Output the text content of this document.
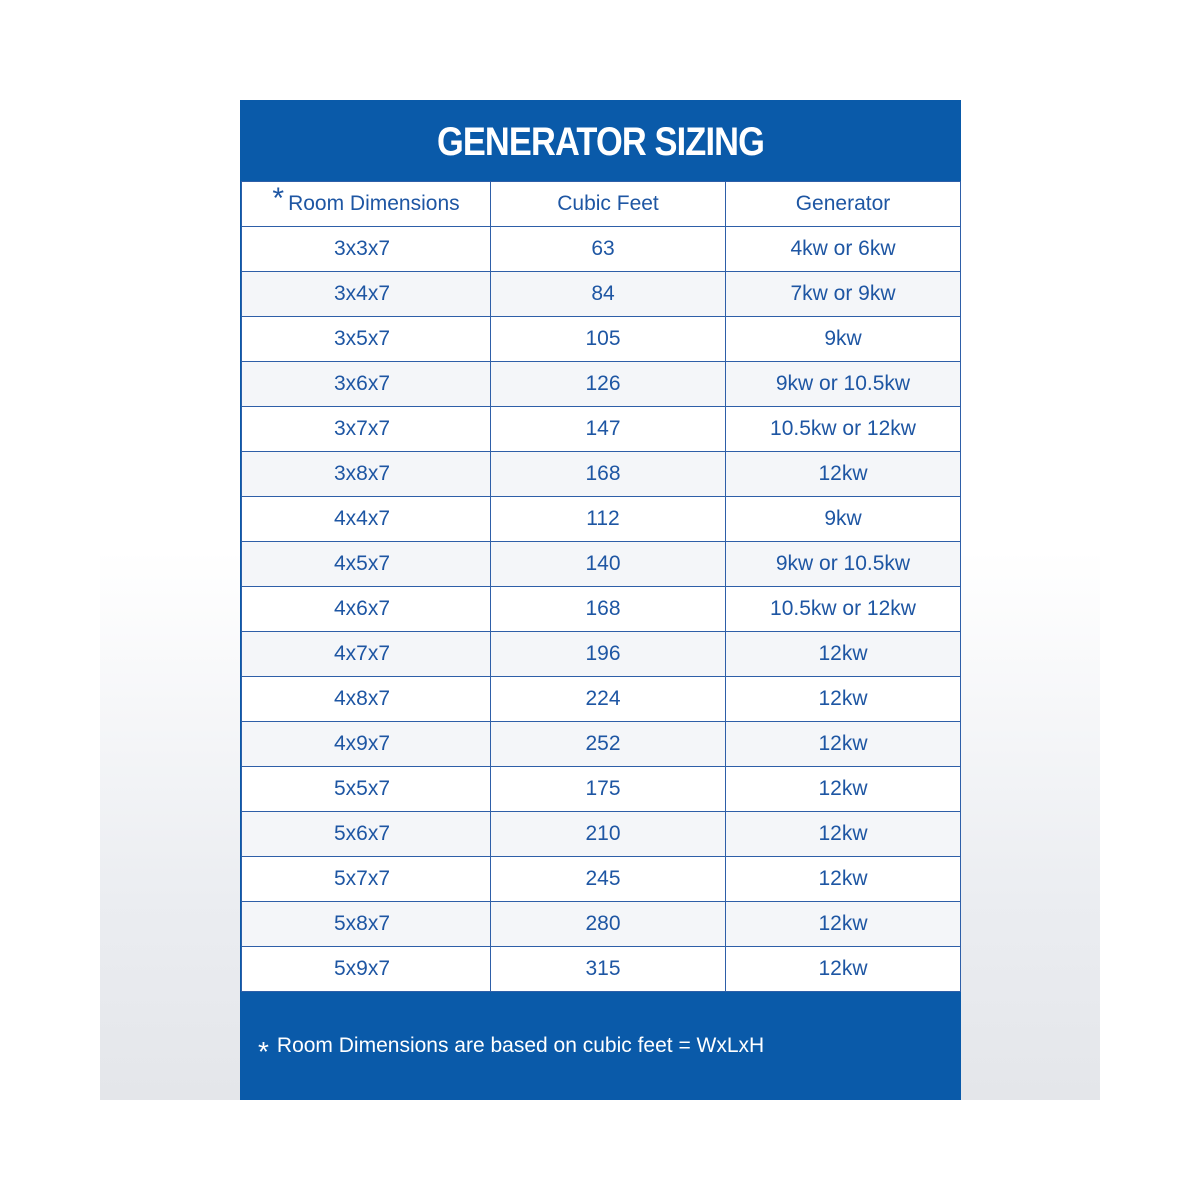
GENERATOR SIZING
* Room Dimensions	Cubic Feet	Generator
3x3x7	63	4kw or 6kw
3x4x7	84	7kw or 9kw
3x5x7	105	9kw
3x6x7	126	9kw or 10.5kw
3x7x7	147	10.5kw or 12kw
3x8x7	168	12kw
4x4x7	112	9kw
4x5x7	140	9kw or 10.5kw
4x6x7	168	10.5kw or 12kw
4x7x7	196	12kw
4x8x7	224	12kw
4x9x7	252	12kw
5x5x7	175	12kw
5x6x7	210	12kw
5x7x7	245	12kw
5x8x7	280	12kw
5x9x7	315	12kw
* Room Dimensions are based on cubic feet = WxLxH
